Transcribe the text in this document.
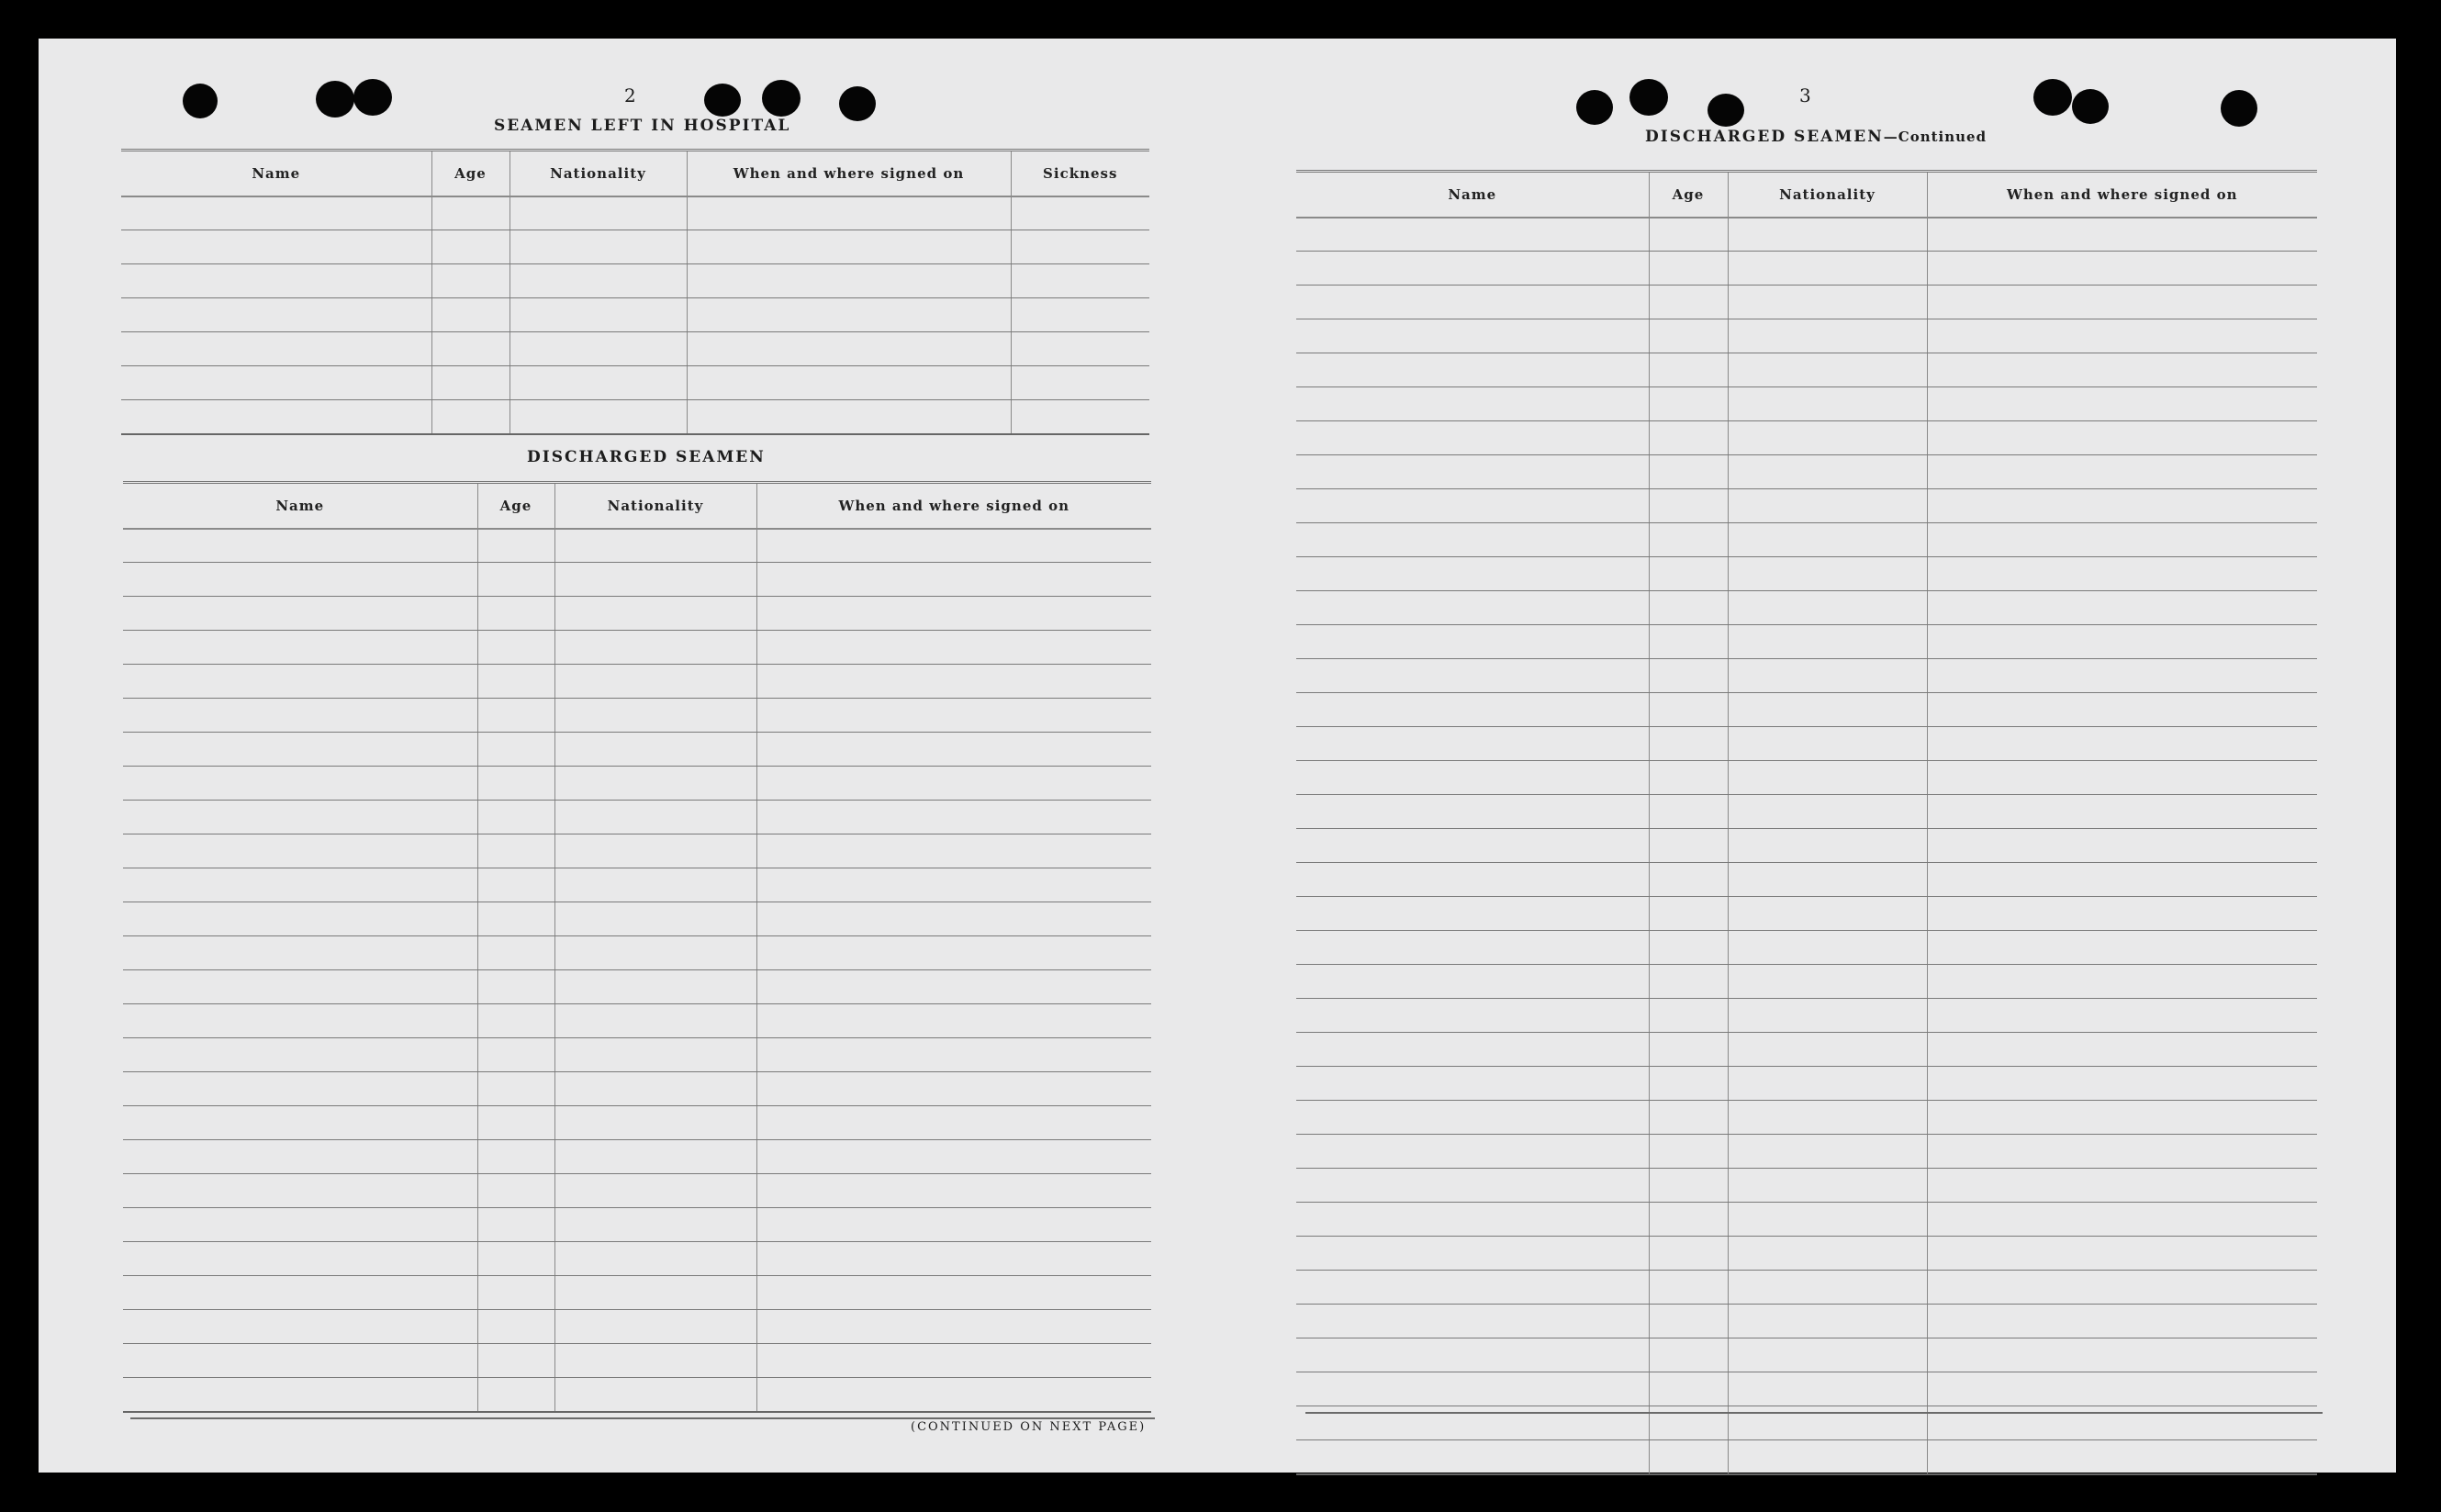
2

SEAMEN LEFT IN HOSPITAL

Name	Age	Nationality	When and where signed on	Sickness

DISCHARGED SEAMEN

Name	Age	Nationality	When and where signed on

(CONTINUED ON NEXT PAGE)

3

DISCHARGED SEAMEN—Continued

Name	Age	Nationality	When and where signed on
